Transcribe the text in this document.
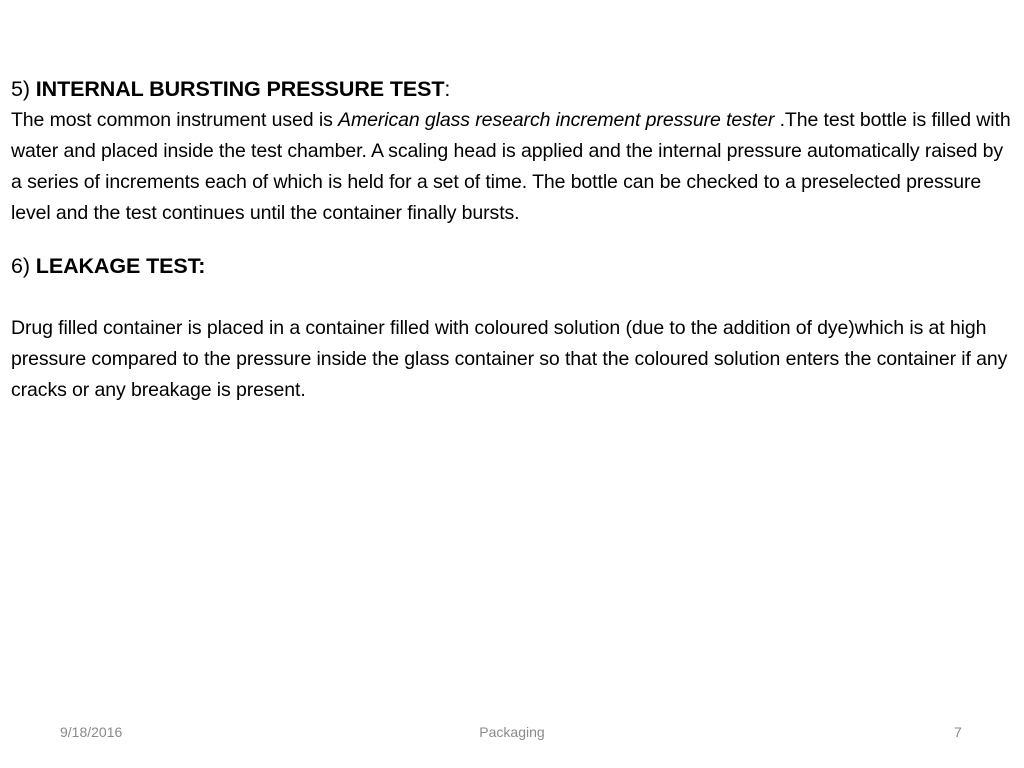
5) INTERNAL BURSTING PRESSURE TEST:

The most common instrument used is American glass research increment pressure tester .The test bottle is filled with water and placed inside the test chamber. A scaling head is applied and the internal pressure automatically raised by a series of increments each of which is held for a set of time. The bottle can be checked to a preselected pressure level and the test continues until the container finally bursts.

6) LEAKAGE TEST:

Drug filled container is placed in a container filled with coloured solution (due to the addition of dye)which is at high pressure compared to the pressure inside the glass container so that the coloured solution enters the container if any cracks or any breakage is present.

9/18/2016	Packaging	7
